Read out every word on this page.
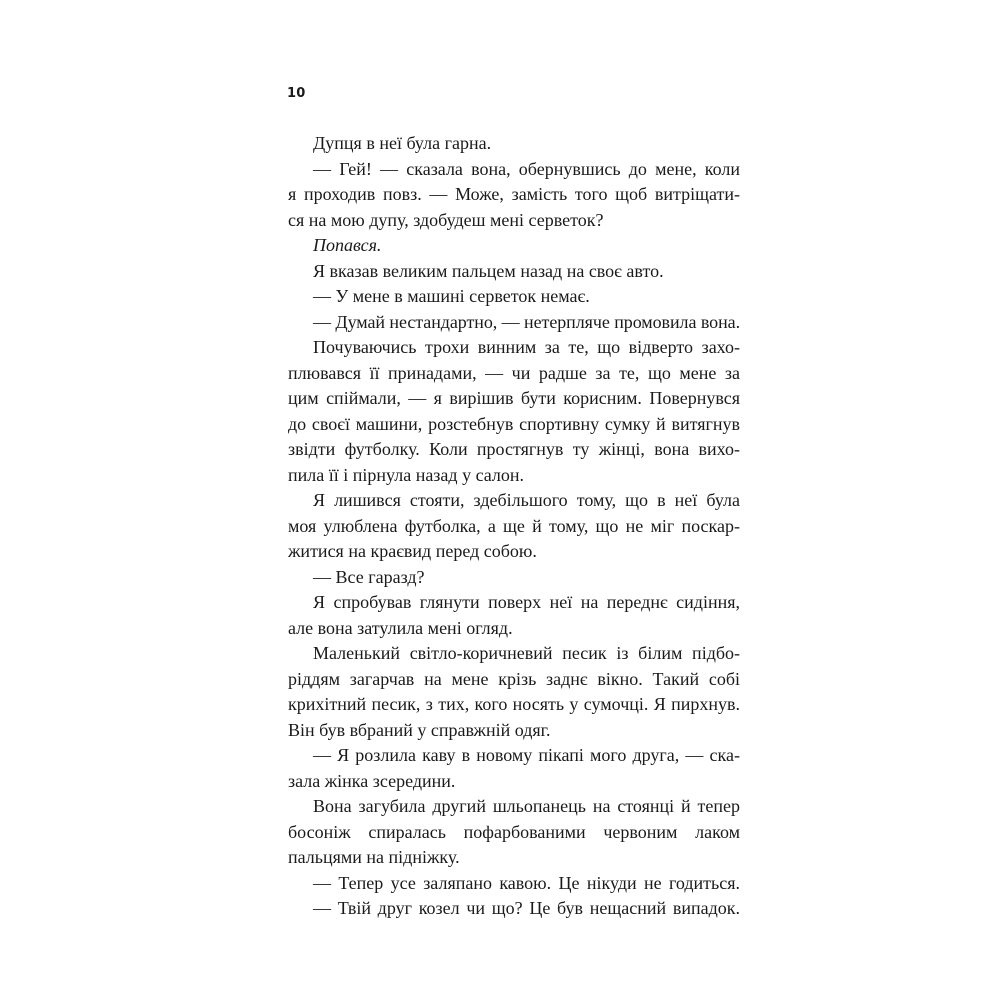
10
Дупця в неї була гарна.
— Гей! — сказала вона, обернувшись до мене, коли
я проходив повз. — Може, замість того щоб витріщати-
ся на мою дупу, здобудеш мені серветок?
Попався.
Я вказав великим пальцем назад на своє авто.
— У мене в машині серветок немає.
— Думай нестандартно, — нетерпляче промовила вона.
Почуваючись трохи винним за те, що відверто захо-
плювався її принадами, — чи радше за те, що мене за
цим спіймали, — я вирішив бути корисним. Повернувся
до своєї машини, розстебнув спортивну сумку й витягнув
звідти футболку. Коли простягнув ту жінці, вона вихо-
пила її і пірнула назад у салон.
Я лишився стояти, здебільшого тому, що в неї була
моя улюблена футболка, а ще й тому, що не міг поскар-
житися на краєвид перед собою.
— Все гаразд?
Я спробував глянути поверх неї на переднє сидіння,
але вона затулила мені огляд.
Маленький світло-коричневий песик із білим підбо-
ріддям загарчав на мене крізь заднє вікно. Такий собі
крихітний песик, з тих, кого носять у сумочці. Я пирхнув.
Він був вбраний у справжній одяг.
— Я розлила каву в новому пікапі мого друга, — ска-
зала жінка зсередини.
Вона загубила другий шльопанець на стоянці й тепер
босоніж спиралась пофарбованими червоним лаком
пальцями на підніжку.
— Тепер усе заляпано кавою. Це нікуди не годиться.
— Твій друг козел чи що? Це був нещасний випадок.
